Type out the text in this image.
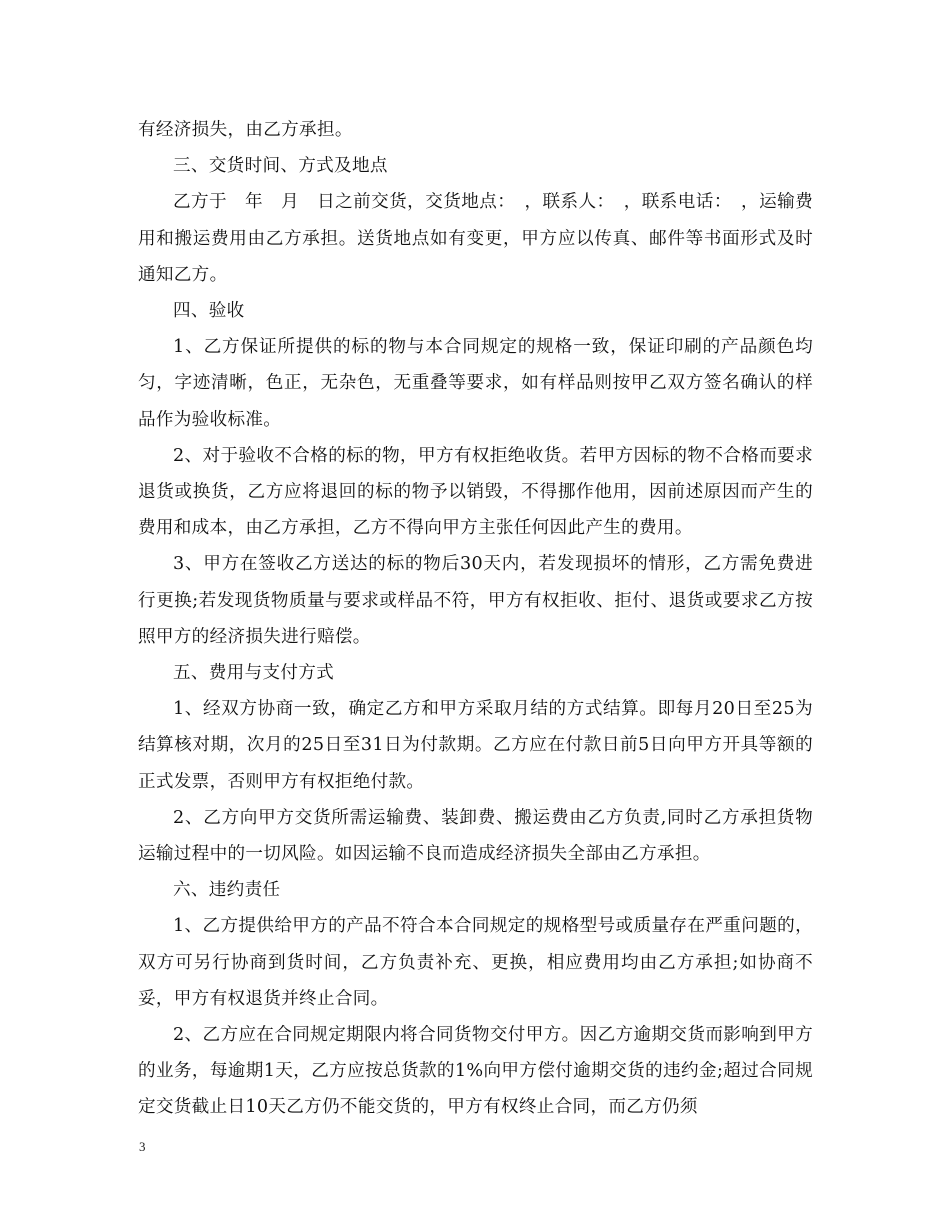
有经济损失，由乙方承担。

三、交货时间、方式及地点

乙方于　年　月　日之前交货，交货地点：　，联系人：　，联系电话：　，运输费用和搬运费用由乙方承担。送货地点如有变更，甲方应以传真、邮件等书面形式及时通知乙方。

四、验收

1、乙方保证所提供的标的物与本合同规定的规格一致，保证印刷的产品颜色均匀，字迹清晰，色正，无杂色，无重叠等要求，如有样品则按甲乙双方签名确认的样品作为验收标准。

2、对于验收不合格的标的物，甲方有权拒绝收货。若甲方因标的物不合格而要求退货或换货，乙方应将退回的标的物予以销毁，不得挪作他用，因前述原因而产生的费用和成本，由乙方承担，乙方不得向甲方主张任何因此产生的费用。

3、甲方在签收乙方送达的标的物后30天内，若发现损坏的情形，乙方需免费进行更换;若发现货物质量与要求或样品不符，甲方有权拒收、拒付、退货或要求乙方按照甲方的经济损失进行赔偿。

五、费用与支付方式

1、经双方协商一致，确定乙方和甲方采取月结的方式结算。即每月20日至25为结算核对期，次月的25日至31日为付款期。乙方应在付款日前5日向甲方开具等额的正式发票，否则甲方有权拒绝付款。

2、乙方向甲方交货所需运输费、装卸费、搬运费由乙方负责,同时乙方承担货物运输过程中的一切风险。如因运输不良而造成经济损失全部由乙方承担。

六、违约责任

1、乙方提供给甲方的产品不符合本合同规定的规格型号或质量存在严重问题的，双方可另行协商到货时间，乙方负责补充、更换，相应费用均由乙方承担;如协商不妥，甲方有权退货并终止合同。

2、乙方应在合同规定期限内将合同货物交付甲方。因乙方逾期交货而影响到甲方的业务，每逾期1天，乙方应按总货款的1%向甲方偿付逾期交货的违约金;超过合同规定交货截止日10天乙方仍不能交货的，甲方有权终止合同，而乙方仍须

3
